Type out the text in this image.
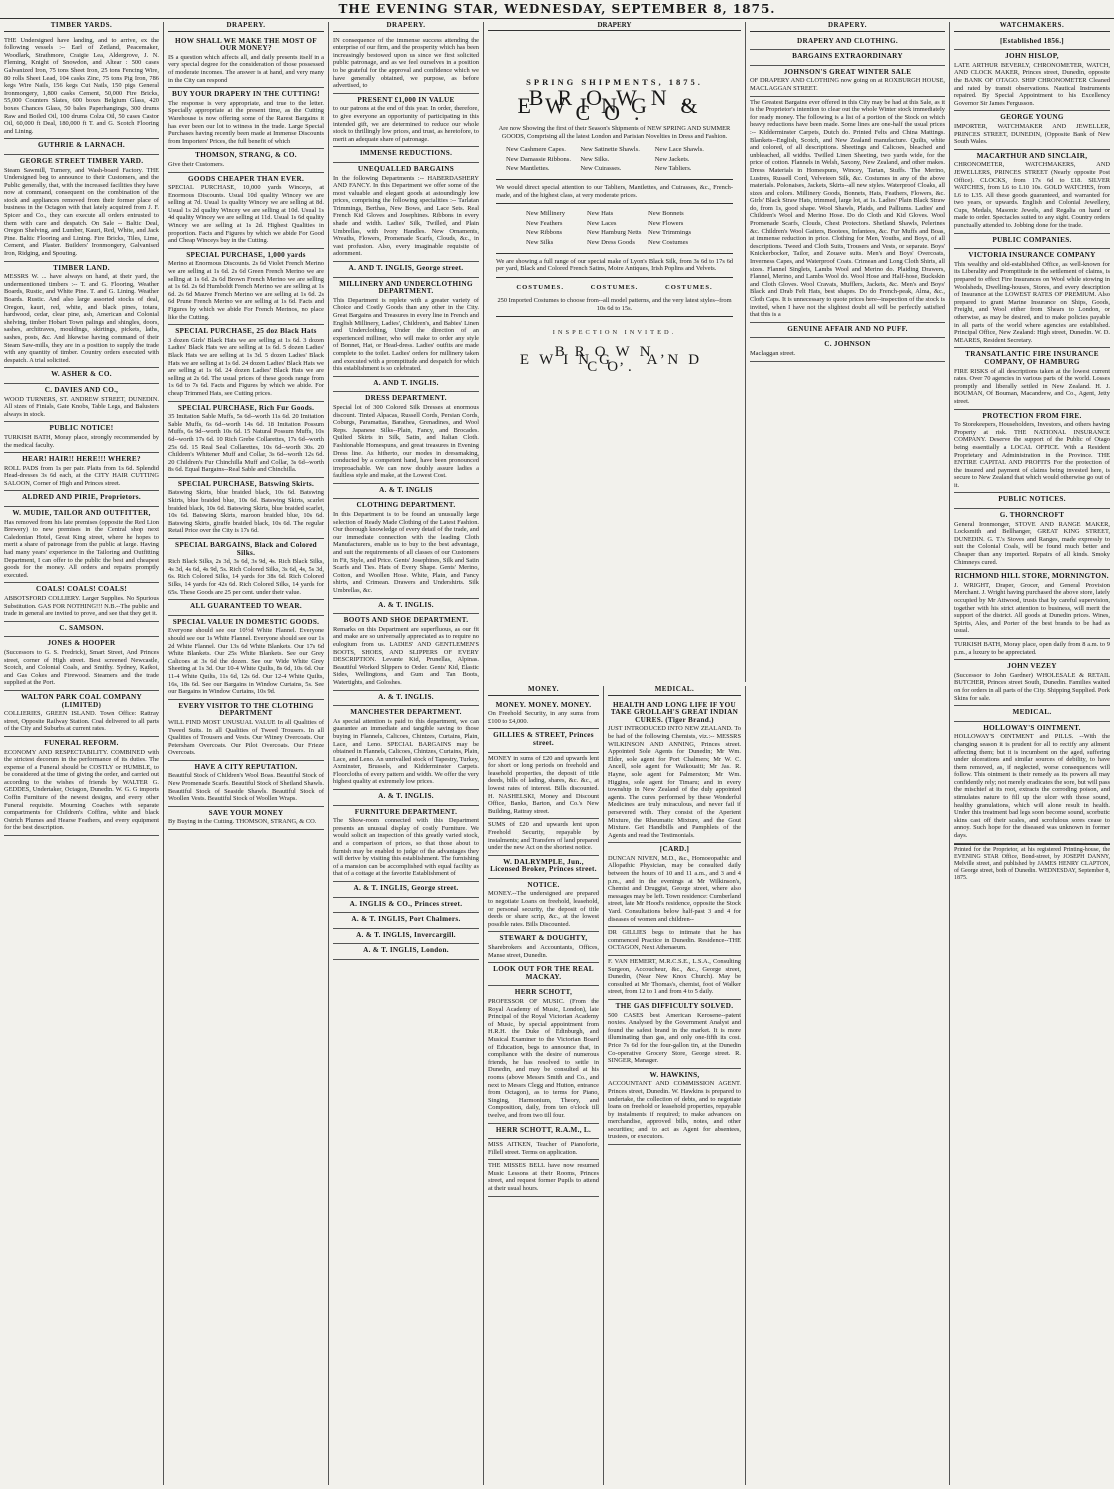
THE EVENING STAR, WEDNESDAY, SEPTEMBER 8, 1875.
TIMBER YARDS.
THE Undersigned have landing, and to arrive, ex the following vessels :-- Earl of Zetland, Peacemaker, Woodlark, Strathmore, Craigie Lea, Aldergrove, J. N. Fleming, Knight of Snowdon, and Altear : 500 cases Galvanized Iron, 75 tons Sheet Iron, 25 tons Fencing Wire, 80 rolls Sheet Lead, 104 casks Zinc, 75 tons Pig Iron, 786 kegs Wire Nails, 156 kegs Cut Nails, 150 pigs General Ironmongery, 1,800 casks Cement, 50,000 Fire Bricks, 55,000 Counters Slates, 600 boxes Belgium Glass, 420 boxes Chances Glass, 50 bales Paperhangings, 300 drums Raw and Boiled Oil, 100 drums Colza Oil, 50 cases Castor Oil, 60,000 ft Deal, 180,000 ft T. and G. Scotch Flooring and Lining.
GUTHRIE & LARNACH.
GEORGE STREET TIMBER YARD.
Steam Sawmill, Turnery, and Wash-board Factory. THE Undersigned beg to announce to their Customers, and the Public generally, that, with the increased facilities they have now at command, consequent on the combination of the stock and appliances removed from their former place of business in the Octagon with that lately acquired from J. F. Spicer and Co., they can execute all orders entrusted to them with care and despatch. On Sale -- Baltic Deal, Oregon Shelving, and Lumber, Kauri, Red, White, and Jack Pine. Baltic Flooring and Lining. Fire Bricks, Tiles, Lime, Cement, and Plaster. Builders' Ironmongery, Galvanised Iron, Ridging, and Spouting.
TIMBER LAND.
MESSRS W. ... have always on hand, at their yard, the undermentioned timbers :-- T. and G. Flooring, Weather Boards, Rustic, and White Pine. T. and G. Lining. Weather Boards. Rustic. And also large assorted stocks of deal, Oregon, kauri, red, white, and black pines, totara, hardwood, cedar, clear pine, ash, American and Colonial shelving, timber Hobart Town palings and shingles, doors, sashes, architraves, mouldings, skirtings, pickets, laths, sashes, posts, &c. And likewise having command of their Steam Saw-mills, they are in a position to supply the trade with any quantity of timber. Country orders executed with despatch. A trial solicited.
W. ASHER & CO.
C. DAVIES AND CO.,
WOOD TURNERS, ST. ANDREW STREET, DUNEDIN. All sizes of Finials, Gate Knobs, Table Legs, and Balusters always in stock.
PUBLIC NOTICE!
TURKISH BATH, Moray place, strongly recommended by the medical faculty.
HEAR! HAIR!! HERE!!! WHERE?
ROLL PADS from 1s per pair. Plaits from 1s 6d. Splendid Head-dresses 3s 6d each, at the CITY HAIR CUTTING SALOON, Corner of High and Princes street.
ALDRED AND PIRIE, Proprietors.
W. MUDIE, TAILOR AND OUTFITTER,
Has removed from his late premises (opposite the Red Lion Brewery) to new premises in the Central shop next Caledonian Hotel, Great King street, where he hopes to merit a share of patronage from the public at large. Having had many years' experience in the Tailoring and Outfitting Department, I can offer to the public the best and cheapest goods for the money. All orders and repairs promptly executed.
COALS! COALS! COALS!
ABBOTSFORD COLLIERY. Larger Supplies. No Spurious Substitution. GAS FOR NOTHING!!! N.B.--The public and trade in general are invited to prove, and see that they get it.
C. SAMSON.
JONES & HOOPER
(Successors to G. S. Fredrick), Smart Street, And Princes street, corner of High street. Best screened Newcastle, Scotch, and Colonial Coals, and Smithy. Sydney, Kaikoi, and Gas Cokes and Firewood. Steamers and the trade supplied at the Port.
WALTON PARK COAL COMPANY (LIMITED)
COLLIERIES, GREEN ISLAND. Town Office: Rattray street, Opposite Railway Station. Coal delivered to all parts of the City and Suburbs at current rates.
FUNERAL REFORM.
ECONOMY AND RESPECTABILITY. COMBINED with the strictest decorum in the performance of its duties. The expense of a Funeral should be COSTLY or HUMBLE, to be considered at the time of giving the order, and carried out according to the wishes of friends by WALTER G. GEDDES, Undertaker, Octagon, Dunedin. W. G. G imports Coffin Furniture of the newest designs, and every other Funeral requisite. Mourning Coaches with separate compartments for Children's Coffins, white and black Ostrich Plumes and Hearse Feathers, and every equipment for the best description.
DRAPERY.
HOW SHALL WE MAKE THE MOST OF OUR MONEY?
IS a question which affects all, and daily presents itself in a very special degree for the consideration of those possessed of moderate incomes. The answer is at hand, and very many in the City can respond
BUY YOUR DRAPERY IN THE CUTTING!
The response is very appropriate, and true to the letter. Specially appropriate at the present time, as the Cutting Warehouse is now offering some of the Rarest Bargains it has ever been our lot to witness in the trade. Large Special Purchases having recently been made at Immense Discounts from Importers' Prices, the full benefit of which
THOMSON, STRANG, & CO.
Give their Customers.
GOODS CHEAPER THAN EVER.
SPECIAL PURCHASE, 10,000 yards Winceys, at Enormous Discounts. Usual 10d quality Wincey we are selling at 7d. Usual 1s quality Wincey we are selling at 8d. Usual 1s 2d quality Wincey we are selling at 10d. Usual 1s 4d quality Wincey we are selling at 11d. Usual 1s 6d quality Wincey we are selling at 1s 2d. Highest Qualities in proportion. Facts and Figures by which we abide For Good and Cheap Winceys buy in the Cutting.
SPECIAL PURCHASE, 1,000 yards
Merino at Enormous Discounts. 2s 6d Violet French Merino we are selling at 1s 6d. 2s 6d Green French Merino we are selling at 1s 6d. 2s 6d Brown French Merino we are selling at 1s 6d. 2s 6d Humboldt French Merino we are selling at 1s 6d. 2s 6d Mauve French Merino we are selling at 1s 6d. 2s 6d Prune French Merino we are selling at 1s 6d. Facts and Figures by which we abide For French Merinos, no place like the Cutting.
SPECIAL PURCHASE, 25 doz Black Hats
3 dozen Girls' Black Hats we are selling at 1s 6d. 3 dozen Ladies' Black Hats we are selling at 1s 6d. 5 dozen Ladies' Black Hats we are selling at 1s 3d. 5 dozen Ladies' Black Hats we are selling at 1s 6d. 24 dozen Ladies' Black Hats we are selling at 1s 6d. 24 dozen Ladies' Black Hats we are selling at 2s 6d. The usual prices of these goods range from 1s 6d to 7s 6d. Facts and Figures by which we abide. For cheap Trimmed Hats, see Cutting prices.
SPECIAL PURCHASE, Rich Fur Goods.
35 Imitation Sable Muffs, 5s 6d--worth 11s 6d. 20 Imitation Sable Muffs, 6s 6d--worth 14s 6d. 18 Imitation Possum Muffs, 6s 9d--worth 10s 6d. 15 Natural Possum Muffs, 10s 6d--worth 17s 6d. 10 Rich Grebe Collarettes, 17s 6d--worth 25s 6d. 15 Real Seal Collarettes, 10s 6d--worth 30s. 20 Children's Whitener Muff and Collar, 3s 6d--worth 12s 6d. 20 Children's Fur Chinchilla Muff and Collar, 3s 6d--worth 8s 6d. Equal Bargains--Real Sable and Chinchilla.
SPECIAL PURCHASE, Batswing Skirts.
Batswing Skirts, blue braided black, 10s 6d. Batswing Skirts, blue braided blue, 10s 6d. Batswing Skirts, scarlet braided black, 10s 6d. Batswing Skirts, blue braided scarlet, 10s 6d. Batswing Skirts, maroon braided blue, 10s 6d. Batswing Skirts, giraffe braided black, 10s 6d. The regular Retail Price over the City is 17s 6d.
SPECIAL BARGAINS, Black and Colored Silks.
Rich Black Silks, 2s 3d, 3s 6d, 3s 9d, 4s. Rich Black Silks, 4s 3d, 4s 6d, 4s 9d, 5s. Rich Colored Silks, 3s 6d, 4s, 5s 3d, 6s. Rich Colored Silks, 14 yards for 38s 6d. Rich Colored Silks, 14 yards for 42s 6d. Rich Colored Silks, 14 yards for 65s. These Goods are 25 per cent. under their value.
ALL GUARANTEED TO WEAR.
SPECIAL VALUE IN DOMESTIC GOODS.
Everyone should see our 10½d White Flannel. Everyone should see our 1s White Flannel. Everyone should see our 1s 2d White Flannel. Our 13s 6d White Blankets. Our 17s 6d White Blankets. Our 25s White Blankets. See our Grey Calicoes at 3s 6d the dozen. See our Wide White Grey Sheeting at 1s 3d. Our 10-4 White Quilts, 8s 6d, 10s 6d. Our 11-4 White Quilts, 11s 6d, 12s 6d. Our 12-4 White Quilts, 16s, 18s 6d. See our Bargains in Window Curtains, 5s. See our Bargains in Window Curtains, 10s 9d.
EVERY VISITOR TO THE CLOTHING DEPARTMENT
WILL FIND MOST UNUSUAL VALUE In all Qualities of Tweed Suits. In all Qualities of Tweed Trousers. In all Qualities of Trousers and Vests. Our Witney Overcoats. Our Petersham Overcoats. Our Pilot Overcoats. Our Frieze Overcoats.
HAVE A CITY REPUTATION.
Beautiful Stock of Children's Wool Boas. Beautiful Stock of New Promenade Scarfs. Beautiful Stock of Shetland Shawls. Beautiful Stock of Seaside Shawls. Beautiful Stock of Woollen Vests. Beautiful Stock of Woollen Wraps.
SAVE YOUR MONEY
By Buying in the Cutting. THOMSON, STRANG, & CO.
DRAPERY.
IN consequence of the immense success attending the enterprise of our firm, and the prosperity which has been increasingly bestowed upon us since we first solicited public patronage, and as we feel ourselves in a position to be grateful for the approval and confidence which we have generally obtained, we purpose, as before advertised, to
PRESENT £1,000 IN VALUE
to our patrons at the end of this year. In order, therefore, to give everyone an opportunity of participating in this intended gift, we are determined to reduce our whole stock to thrillingly low prices, and trust, as heretofore, to merit an adequate share of patronage.
IMMENSE REDUCTIONS.
UNEQUALLED BARGAINS
In the following Departments :-- HABERDASHERY AND FANCY. In this Department we offer some of the most valuable and elegant goods at astoundingly low prices, comprising the following specialities :-- Tarlatan Trimmings, Berthas, New Bows, and Lace Sets. Real French Kid Gloves and Josephines. Ribbons in every shade and width. Ladies' Silk, Twilled, and Plain Umbrellas, with Ivory Handles. New Ornaments, Wreaths, Flowers, Promenade Scarfs, Clouds, &c., in vast profusion. Also, every imaginable requisite of adornment.
A. AND T. INGLIS, George street.
MILLINERY AND UNDERCLOTHING DEPARTMENT.
This Department is replete with a greater variety of Choice and Costly Goods than any other in the City. Great Bargains and Treasures in every line in French and English Millinery, Ladies', Children's, and Babies' Linen and Underclothing, Under the direction of an experienced milliner, who will make to order any style of Bonnet, Hat, or Head-dress. Ladies' outfits are made complete to the toilet. Ladies' orders for millinery taken and executed with a promptitude and despatch for which this establishment is so celebrated.
A. AND T. INGLIS.
DRESS DEPARTMENT.
Special lot of 300 Colored Silk Dresses at enormous discount. Tinted Alpacas, Russell Cords, Persian Cords, Coburgs, Paramattas, Barathea, Grenadines, and Wool Reps. Japanese Silks--Plain, Fancy, and Brocades. Quilted Skirts in Silk, Satin, and Italian Cloth. Fashionable Homespuns, and great treasures in Evening Dress line. As hitherto, our modes in dressmaking, conducted by a competent hand, have been pronounced irreproachable. We can now doubly assure ladies a faultless style and make, at the Lowest Cost.
A. & T. INGLIS
CLOTHING DEPARTMENT.
In this Department is to be found an unusually large selection of Ready Made Clothing of the Latest Fashion. Our thorough knowledge of every detail of the trade, and our immediate connection with the leading Cloth Manufacturers, enable us to buy to the best advantage, and suit the requirements of all classes of our Customers in Fit, Style, and Price. Gents' Josephines, Silk and Satin Scarfs and Ties. Hats of Every Shape. Gents' Merino, Cotton, and Woollen Hose. White, Plain, and Fancy shirts, and Crimean. Drawers and Undershirts. Silk Umbrellas, &c.
A. & T. INGLIS.
BOOTS AND SHOE DEPARTMENT.
Remarks on this Department are superfluous, as our fit and make are so universally appreciated as to require no eulogium from us. LADIES' AND GENTLEMEN'S BOOTS, SHOES, AND SLIPPERS OF EVERY DESCRIPTION. Levante Kid, Prunellas, Alpinas. Beautiful Worked Slippers to Order. Gents' Kid, Elastic Sides, Wellingtons, and Gum and Tan Boots, Watertights, and Goloshes.
A. & T. INGLIS.
MANCHESTER DEPARTMENT.
As special attention is paid to this department, we can guarantee an immediate and tangible saving to those buying in Flannels, Calicoes, Chintzes, Curtains, Plain, Lace, and Leno. SPECIAL BARGAINS may be obtained in Flannels, Calicoes, Chintzes, Curtains, Plain, Lace, and Leno. An unrivalled stock of Tapestry, Turkey, Axminster, Brussels, and Kidderminster Carpets. Floorcloths of every pattern and width. We offer the very highest quality at extremely low prices.
A. & T. INGLIS.
FURNITURE DEPARTMENT.
The Show-room connected with this Department presents an unusual display of costly Furniture. We would solicit an inspection of this greatly varied stock, and a comparison of prices, so that those about to furnish may be enabled to judge of the advantages they will derive by visiting this establishment. The furnishing of a mansion can be accomplished with equal facility as that of a cottage at the favorite Establishment of
A. & T. INGLIS, George street.
A. INGLIS & CO., Princes street.
A. & T. INGLIS, Port Chalmers.
A. & T. INGLIS, Invercargill.
A. & T. INGLIS, London.
DRAPERY
SPRING SHIPMENTS, 1875.
BROWN, EWING & CO.
Are now Showing the first of their Season's Shipments of NEW SPRING AND SUMMER GOODS, Comprising all the latest London and Parisian Novelties in Dress and Fashion.
New Cashmere Capes.	New Satinette Shawls.	New Lace Shawls.
New Damassie Ribbons.	New Silks.	New Jackets.
New Mantlettes.	New Cuirasses.	New Tabliers.
We would direct special attention to our Tabliers, Mantlettes, and Cuirasses, &c., French-made, and of the highest class, at very moderate prices.
New Millinery	New Hats	New Bonnets
New Feathers	New Laces	New Flowers
New Ribbons	New Hamburg Netts New Trimmings
New Silks	New Dress Goods	New Costumes
We are showing a full range of our special make of Lyon's Black Silk, from 3s 6d to 17s 6d per yard, Black and Colored French Satins, Moire Antiques, Irish Poplins and Velvets.
COSTUMES.	COSTUMES.	COSTUMES.
250 Imported Costumes to choose from--all model patterns, and the very latest styles--from 10s 6d to 15s.
INSPECTION INVITED.
BROWN, EWING, AND CO.
MONEY.
MONEY. MONEY. MONEY.
On Freehold Security, in any sums from £100 to £4,000.
GILLIES & STREET, Princes street.
MONEY in sums of £20 and upwards lent for short or long periods on freehold and leasehold properties, the deposit of title deeds, bills of lading, shares, &c. &c., at lowest rates of interest. Bills discounted. H. NASHELSKI, Money and Discount Office, Banks, Barton, and Co.'s New Building, Rattray street.
SUMS of £20 and upwards lent upon Freehold Security, repayable by instalments; and Transfers of land prepared under the new Act on the shortest notice.
W. DALRYMPLE, Jun., Licensed Broker, Princes street.
NOTICE.
MONEY.--The undersigned are prepared to negotiate Loans on freehold, leasehold, or personal security, the deposit of title deeds or share scrip, &c., at the lowest possible rates. Bills Discounted.
STEWART & DOUGHTY,
Sharebrokers and Accountants, Offices, Manse street, Dunedin.
LOOK OUT FOR THE REAL MACKAY.
HERR SCHOTT,
PROFESSOR OF MUSIC. (From the Royal Academy of Music, London), late Principal of the Royal Victorian Academy of Music, by special appointment from H.R.H. the Duke of Edinburgh, and Musical Examiner to the Victorian Board of Education, begs to announce that, in compliance with the desire of numerous friends, he has resolved to settle in Dunedin, and may be consulted at his rooms (above Messrs Smith and Co., and next to Messrs Clegg and Hutton, entrance from Octagon), as to terms for Piano, Singing, Harmonium, Theory, and Composition, daily, from ten o'clock till twelve, and from two till four.
HERR SCHOTT, R.A.M., L.
MISS AITKEN, Teacher of Pianoforte, Fillell street. Terms on application.
THE MISSES BELL have now resumed Music Lessons at their Rooms, Princes street, and request former Pupils to attend at their usual hours.
MEDICAL.
HEALTH AND LONG LIFE IF YOU TAKE GROLLAH'S GREAT INDIAN CURES. (Tiger Brand.)
JUST INTRODUCED INTO NEW ZEALAND. To be had of the following Chemists, viz.:-- MESSRS WILKINSON AND ANNING, Princes street. Appointed Sole Agents for Dunedin; Mr Wm. Elder, sole agent for Port Chalmers; Mr W. C. Ancell, sole agent for Waikouaiti; Mr Jas. R. Hayne, sole agent for Palmerston; Mr Wm. Higgins, sole agent for Timaru; and in every township in New Zealand of the duly appointed agents. The cures performed by these Wonderful Medicines are truly miraculous, and never fail if persevered with. They consist of the Aperient Mixture, the Rheumatic Mixture, and the Gout Mixture. Get Handbills and Pamphlets of the Agents and read the Testimonials.
[CARD.]
DUNCAN NIVEN, M.D., &c., Homoeopathic and Allopathic Physician, may be consulted daily between the hours of 10 and 11 a.m., and 3 and 4 p.m., and in the evenings at Mr Wilkinson's, Chemist and Druggist, George street, where also messages may be left. Town residence: Cumberland street, late Mr Hood's residence, opposite the Stock Yard. Consultations below half-past 3 and 4 for diseases of women and children--
DR GILLIES begs to intimate that he has commenced Practice in Dunedin. Residence--THE OCTAGON, Next Athenaeum.
F. VAN HEMERT, M.R.C.S.E., L.S.A., Consulting Surgeon, Accoucheur, &c., &c., George street, Dunedin, (Near New Knox Church). May be consulted at Mr Thomas's, chemist, foot of Walker street, from 12 to 1 and from 4 to 5 daily.
THE GAS DIFFICULTY SOLVED.
500 CASES best American Kerosene--patent noxies. Analysed by the Government Analyst and found the safest brand in the market. It is more illuminating than gas, and only one-fifth its cost. Price 7s 6d for the four-gallon tin, at the Dunedin Co-operative Grocery Store, George street. R. SINGER, Manager.
W. HAWKINS,
ACCOUNTANT AND COMMISSION AGENT. Princes street, Dunedin. W. Hawkins is prepared to undertake, the collection of debts, and to negotiate loans on freehold or leasehold properties, repayable by instalments if required; to make advances on merchandise, approved bills, notes, and other securities; and to act as Agent for absentees, trustees, or executors.
DRAPERY.
DRAPERY AND CLOTHING.
BARGAINS EXTRAORDINARY
JOHNSON'S GREAT WINTER SALE
OF DRAPERY AND CLOTHING now going on at ROXBURGH HOUSE, MACLAGGAN STREET.
The Greatest Bargains ever offered in this City may be had at this Sale, as it is the Proprietor's intention to clear out the whole Winter stock immediately for ready money. The following is a list of a portion of the Stock on which heavy reductions have been made. Some lines are one-half the usual prices :-- Kidderminster Carpets, Dutch do. Printed Felts and China Mattings. Blankets--English, Scotch, and New Zealand manufacture. Quilts, white and colored, of all descriptions. Sheetings and Calicoes, bleached and unbleached, all widths. Twilled Linen Sheeting, two yards wide, for the price of cotton. Flannels in Welsh, Saxony, New Zealand, and other makes. Dress Materials in Homespuns, Wincey, Tartan, Stuffs. The Merino, Lustres, Russell Cord, Velveteen Silk, &c. Costumes in any of the above materials. Polonaises, Jackets, Skirts--all new styles. Waterproof Cloaks, all sizes and colors. Millinery Goods, Bonnets, Hats, Feathers, Flowers, &c. Girls' Black Straw Hats, trimmed, large lot, at 1s. Ladies' Plain Black Straw do, from 1s, good shape. Wool Shawls, Plaids, and Palliums. Ladies' and Children's Wool and Merino Hose. Do do Cloth and Kid Gloves. Wool Promenade Scarfs, Clouds, Chest Protectors. Shetland Shawls, Pelerines &c. Children's Wool Gaiters, Bootees, Infantees, &c. Fur Muffs and Boas, at immense reduction in price. Clothing for Men, Youths, and Boys, of all descriptions. Tweed and Cloth Suits, Trousers and Vests, or separate. Boys' Knickerbocker, Tailor, and Zouave suits. Men's and Boys' Overcoats, Inverness Capes, and Waterproof Coats. Crimean and Long Cloth Shirts, all sizes. Flannel Singlets, Lambs Wool and Merino do. Plaiding Drawers, Flannel, Merino, and Lambs Wool do. Wool Hose and Half-hose, Buckskin and Cloth Gloves. Wool Cravats, Mufflers, Jackets, &c. Men's and Boys' Black and Drab Felt Hats, best shapes. Do do French-peak, Alma, &c., Cloth Caps. It is unnecessary to quote prices here--inspection of the stock is invited, when I have not the slightest doubt all will be perfectly satisfied that this is a
GENUINE AFFAIR AND NO PUFF.
C. JOHNSON
Maclaggan street.
WATCHMAKERS.
[Established 1856.]
JOHN HISLOP,
LATE ARTHUR BEVERLY, CHRONOMETER, WATCH, AND CLOCK MAKER, Princes street, Dunedin, opposite the BANK OF OTAGO. SHIP CHRONOMETER Cleaned and rated by transit observations. Nautical Instruments repaired. By Special Appointment to his Excellency Governor Sir James Fergusson.
GEORGE YOUNG
IMPORTER, WATCHMAKER AND JEWELLER, PRINCES STREET, DUNEDIN, (Opposite Bank of New South Wales.
MACARTHUR AND SINCLAIR,
CHRONOMETER, WATCHMAKERS, AND JEWELLERS, PRINCES STREET (Nearly opposite Post Office). CLOCKS, from 17s 6d to £18. SILVER WATCHES, from L6 to L10 10s. GOLD WATCHES, from L6 to L35. All these goods guaranteed, and warranted for two years, or upwards. English and Colonial Jewellery, Cups, Medals, Masonic Jewels, and Regalia on hand or made to order. Spectacles suited to any sight. Country orders punctually attended to. Jobbing done for the trade.
PUBLIC COMPANIES.
VICTORIA INSURANCE COMPANY
This wealthy and old-established Office, as well-known for its Liberality and Promptitude in the settlement of claims, is prepared to effect Fire Insurances on Wool while stowing in Woolsheds, Dwelling-houses, Stores, and every description of Insurance at the LOWEST RATES OF PREMIUM. Also prepared to grant Marine Insurance on Ships, Goods, Freight, and Wool either from Shears to London, or otherwise, as may be desired, and to make policies payable in all parts of the world where agencies are established. Principal Office, New Zealand: High street, Dunedin. W. D. MEARES, Resident Secretary.
TRANSATLANTIC FIRE INSURANCE COMPANY, OF HAMBURG
FIRE RISKS of all descriptions taken at the lowest current rates. Over 70 agencies in various parts of the world. Losses promptly and liberally settled in New Zealand. H. J. BOUMAN, Of Bouman, Macandrew, and Co., Agent, Jetty street.
PROTECTION FROM FIRE.
To Storekeepers, Householders, Investors, and others having Property at risk. THE NATIONAL INSURANCE COMPANY. Deserve the support of the Public of Otago being essentially a LOCAL OFFICE. With a Resident Proprietary and Administration in the Province. THE ENTIRE CAPITAL AND PROFITS For the protection of the insured and payment of claims being invested here, is secure to New Zealand that which would otherwise go out of it.
PUBLIC NOTICES.
G. THORNCROFT
General Ironmonger, STOVE AND RANGE MAKER, Locksmith and Bellhanger, GREAT KING STREET, DUNEDIN. G. T.'s Stoves and Ranges, made expressly to suit the Colonial Coals, will be found much better and Cheaper than any imported. Repairs of all kinds. Smoky Chimneys cured.
RICHMOND HILL STORE, MORNINGTON.
J. WRIGHT, Draper, Grocer, and General Provision Merchant. J. Wright having purchased the above store, lately occupied by Mr Attwood, trusts that by careful supervision, together with his strict attention to business, will merit the support of the district. All goods at Dunedin prices. Wines, Spirits, Ales, and Porter of the best brands to be had as usual.
TURKISH BATH, Moray place, open daily from 8 a.m. to 9 p.m., a luxury to be appreciated.
JOHN VEZEY
(Successor to John Gardner) WHOLESALE & RETAIL BUTCHER, Princes street South, Dunedin. Families waited on for orders in all parts of the City. Shipping Supplied. Pork Skins for sale.
MEDICAL.
HOLLOWAY'S OINTMENT.
HOLLOWAY'S OINTMENT and PILLS. --With the changing season it is prudent for all to rectify any ailment affecting them; but it is incumbent on the aged, suffering under ulcerations and similar sources of debility, to have them removed, as, if neglected, worse consequences will follow. This ointment is their remedy as its powers all may confidently rely; not merely eradicates the sore, but will pass the mischief at its root, extracts the corroding poison, and stimulates nature to fill up the ulcer with those sound, healthy granulations, which will alone result in health. Under this treatment bad legs soon become sound, scorbutic skins cast off their scales, and scrofulous sores cease to annoy. Such hope for the diseased was unknown in former days.
Printed for the Proprietor, at his registered Printing-house, the EVENING STAR Office, Bond-street, by JOSEPH DANNY, Melville street, and published by JAMES HENRY CLAPTON, of George street, both of Dunedin. WEDNESDAY, September 8, 1875.
